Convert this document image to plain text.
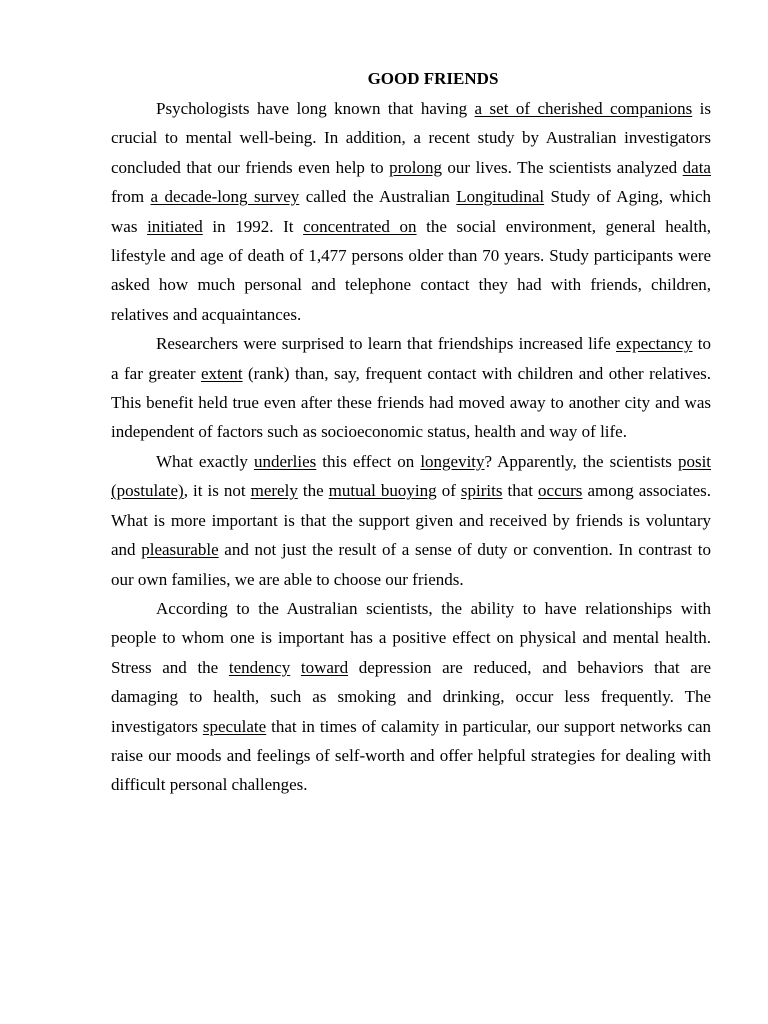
GOOD FRIENDS

Psychologists have long known that having a set of cherished companions is crucial to mental well-being. In addition, a recent study by Australian investigators concluded that our friends even help to prolong our lives. The scientists analyzed data from a decade-long survey called the Australian Longitudinal Study of Aging, which was initiated in 1992. It concentrated on the social environment, general health, lifestyle and age of death of 1,477 persons older than 70 years. Study participants were asked how much personal and telephone contact they had with friends, children, relatives and acquaintances.

Researchers were surprised to learn that friendships increased life expectancy to a far greater extent (rank) than, say, frequent contact with children and other relatives. This benefit held true even after these friends had moved away to another city and was independent of factors such as socioeconomic status, health and way of life.

What exactly underlies this effect on longevity? Apparently, the scientists posit (postulate), it is not merely the mutual buoying of spirits that occurs among associates. What is more important is that the support given and received by friends is voluntary and pleasurable and not just the result of a sense of duty or convention. In contrast to our own families, we are able to choose our friends.

According to the Australian scientists, the ability to have relationships with people to whom one is important has a positive effect on physical and mental health. Stress and the tendency toward depression are reduced, and behaviors that are damaging to health, such as smoking and drinking, occur less frequently. The investigators speculate that in times of calamity in particular, our support networks can raise our moods and feelings of self-worth and offer helpful strategies for dealing with difficult personal challenges.
